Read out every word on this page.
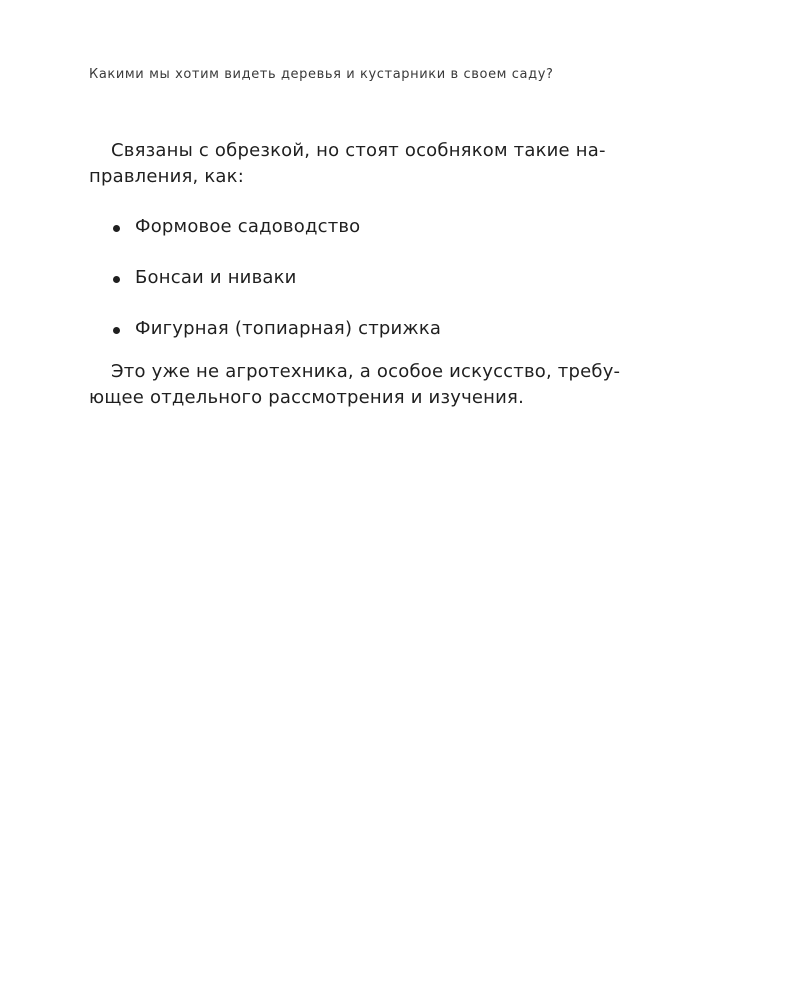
Какими мы хотим видеть деревья и кустарники в своем саду?

Связаны с обрезкой, но стоят особняком такие на-
правления, как:

Формовое садоводство
Бонсаи и ниваки
Фигурная (топиарная) стрижка

Это уже не агротехника, а особое искусство, требу-
ющее отдельного рассмотрения и изучения.
